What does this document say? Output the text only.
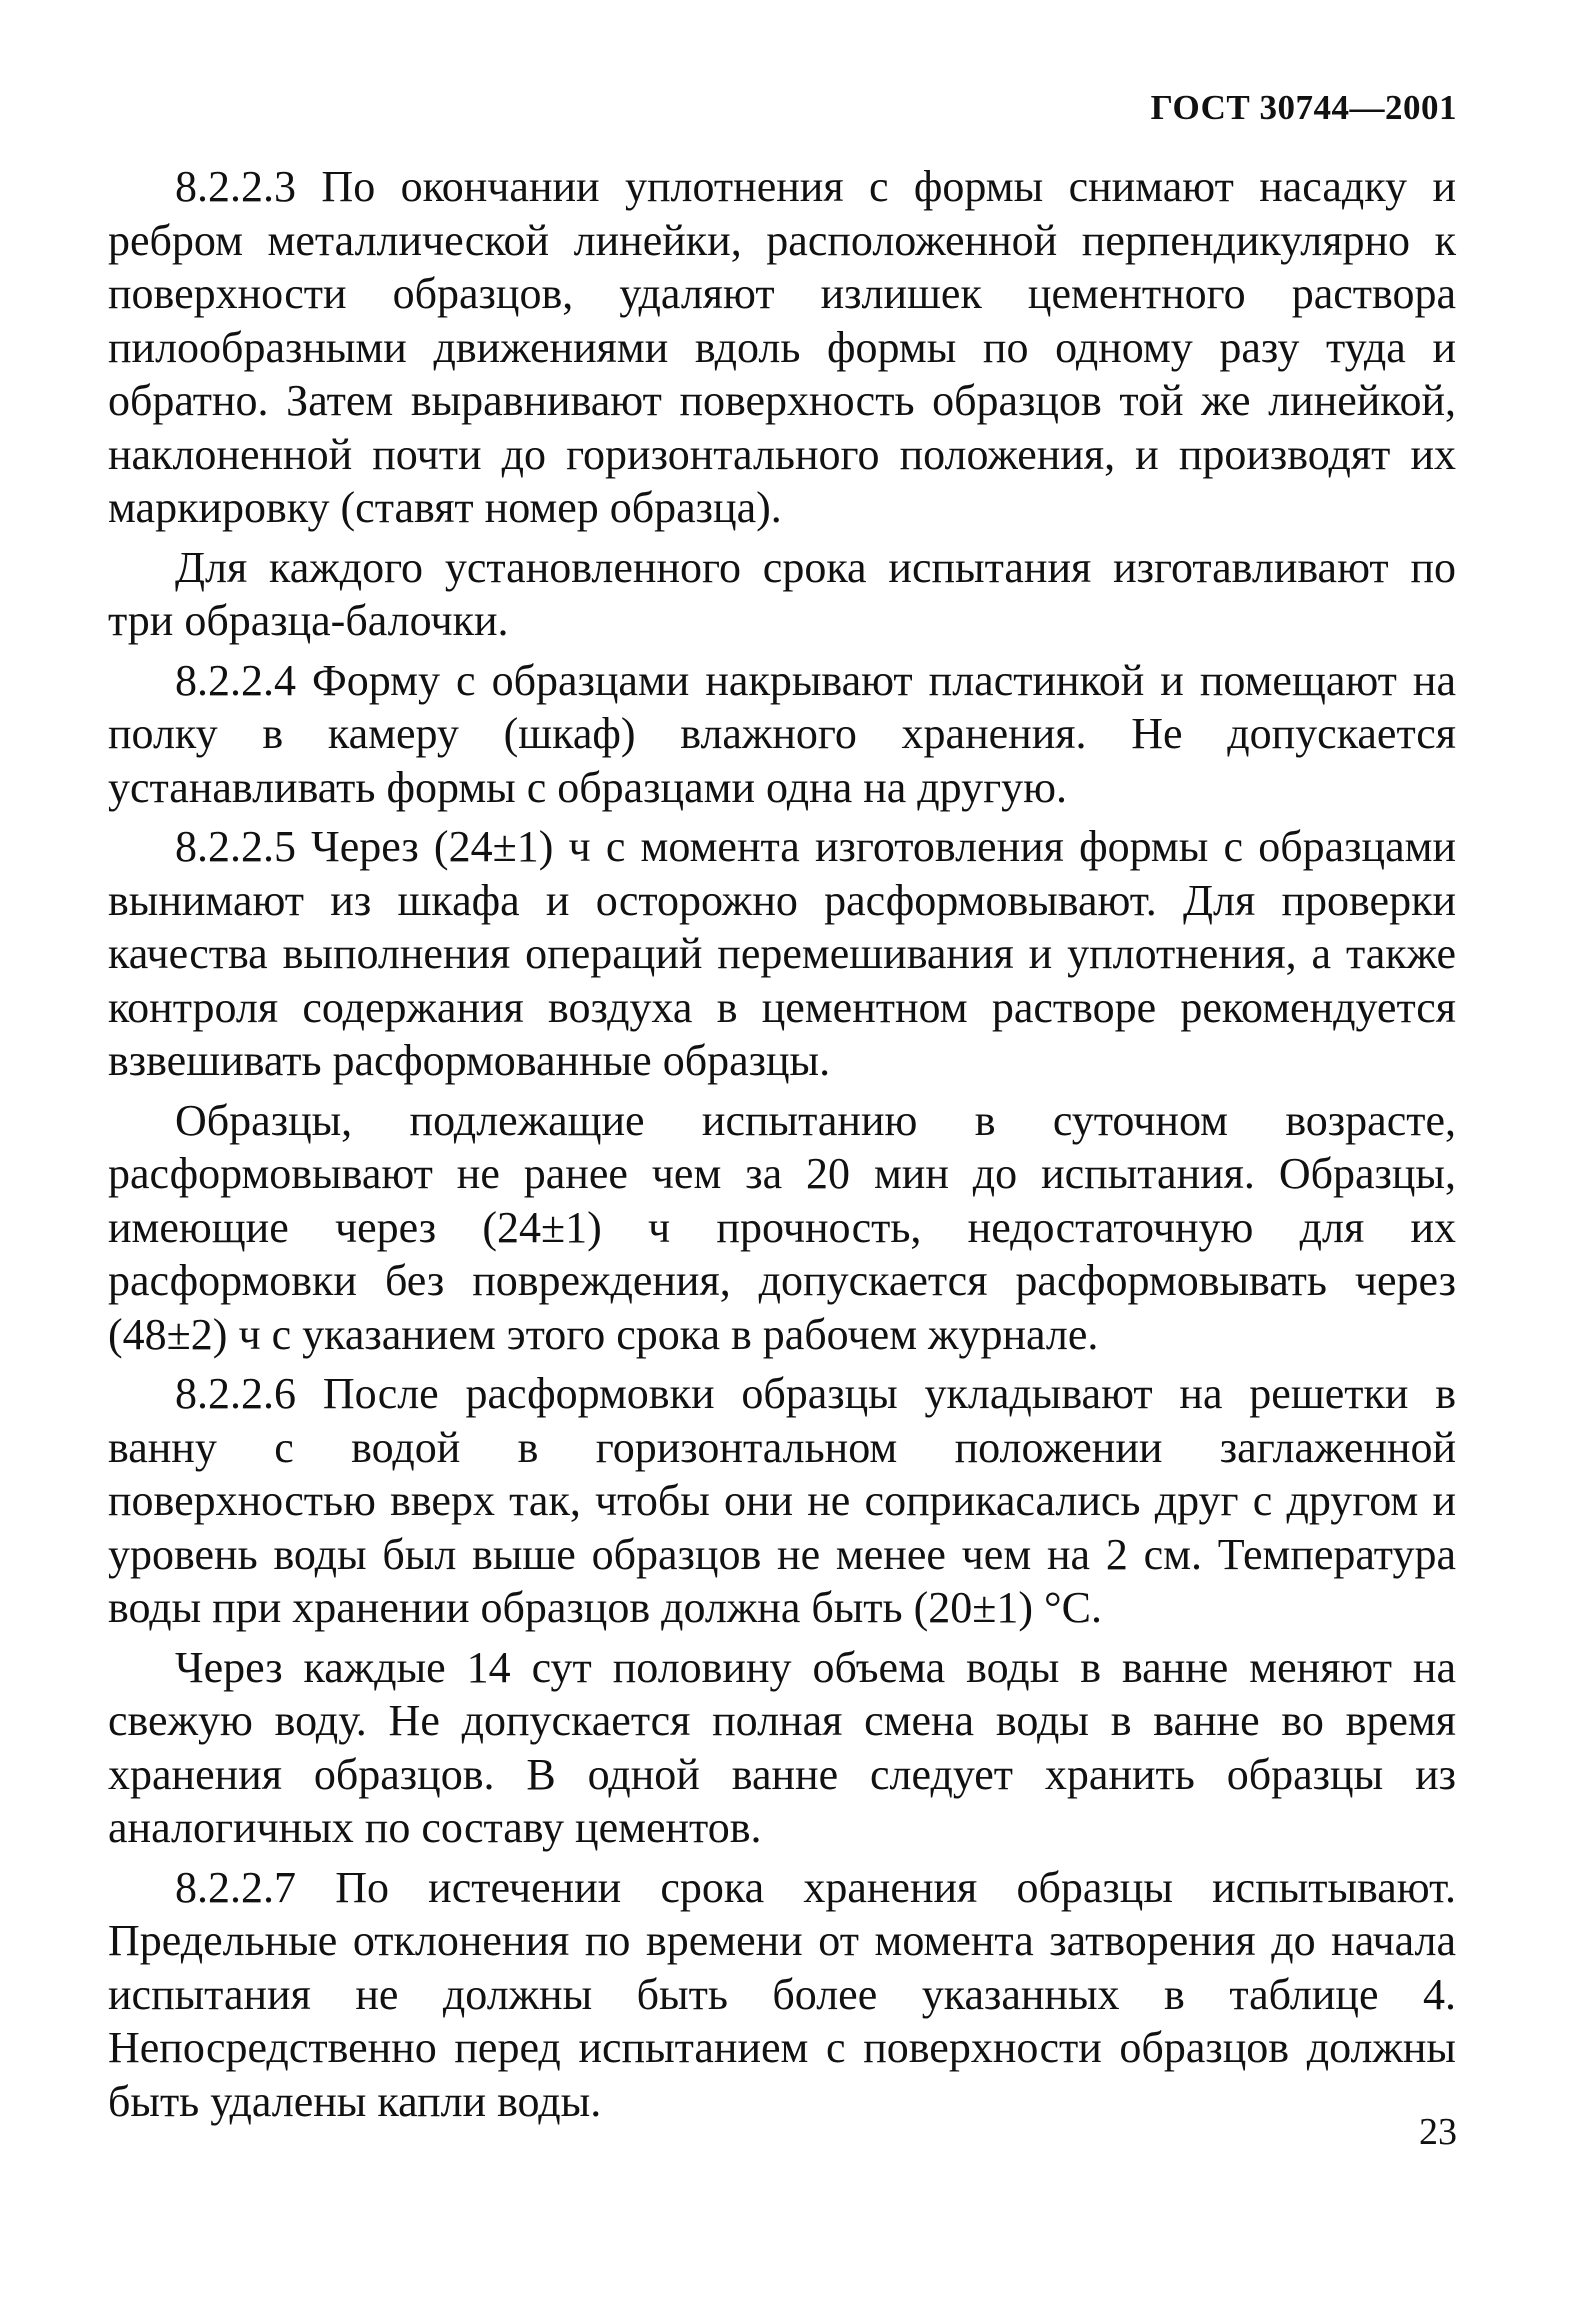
ГОСТ 30744—2001

8.2.2.3 По окончании уплотнения с формы снимают насадку и ребром металлической линейки, расположенной перпендикулярно к поверхности образцов, удаляют излишек цементного раствора пилообразными движениями вдоль формы по одному разу туда и обратно. Затем выравнивают поверхность образцов той же линейкой, наклоненной почти до горизонтального положения, и производят их маркировку (ставят номер образца).

Для каждого установленного срока испытания изготавливают по три образца-балочки.

8.2.2.4 Форму с образцами накрывают пластинкой и помещают на полку в камеру (шкаф) влажного хранения. Не допускается устанавливать формы с образцами одна на другую.

8.2.2.5 Через (24±1) ч с момента изготовления формы с образцами вынимают из шкафа и осторожно расформовывают. Для проверки качества выполнения операций перемешивания и уплотнения, а также контроля содержания воздуха в цементном растворе рекомендуется взвешивать расформованные образцы.

Образцы, подлежащие испытанию в суточном возрасте, расформовывают не ранее чем за 20 мин до испытания. Образцы, имеющие через (24±1) ч прочность, недостаточную для их расформовки без повреждения, допускается расформовывать через (48±2) ч с указанием этого срока в рабочем журнале.

8.2.2.6 После расформовки образцы укладывают на решетки в ванну с водой в горизонтальном положении заглаженной поверхностью вверх так, чтобы они не соприкасались друг с другом и уровень воды был выше образцов не менее чем на 2 см. Температура воды при хранении образцов должна быть (20±1) °С.

Через каждые 14 сут половину объема воды в ванне меняют на свежую воду. Не допускается полная смена воды в ванне во время хранения образцов. В одной ванне следует хранить образцы из аналогичных по составу цементов.

8.2.2.7 По истечении срока хранения образцы испытывают. Предельные отклонения по времени от момента затворения до начала испытания не должны быть более указанных в таблице 4. Непосредственно перед испытанием с поверхности образцов должны быть удалены капли воды.

23
